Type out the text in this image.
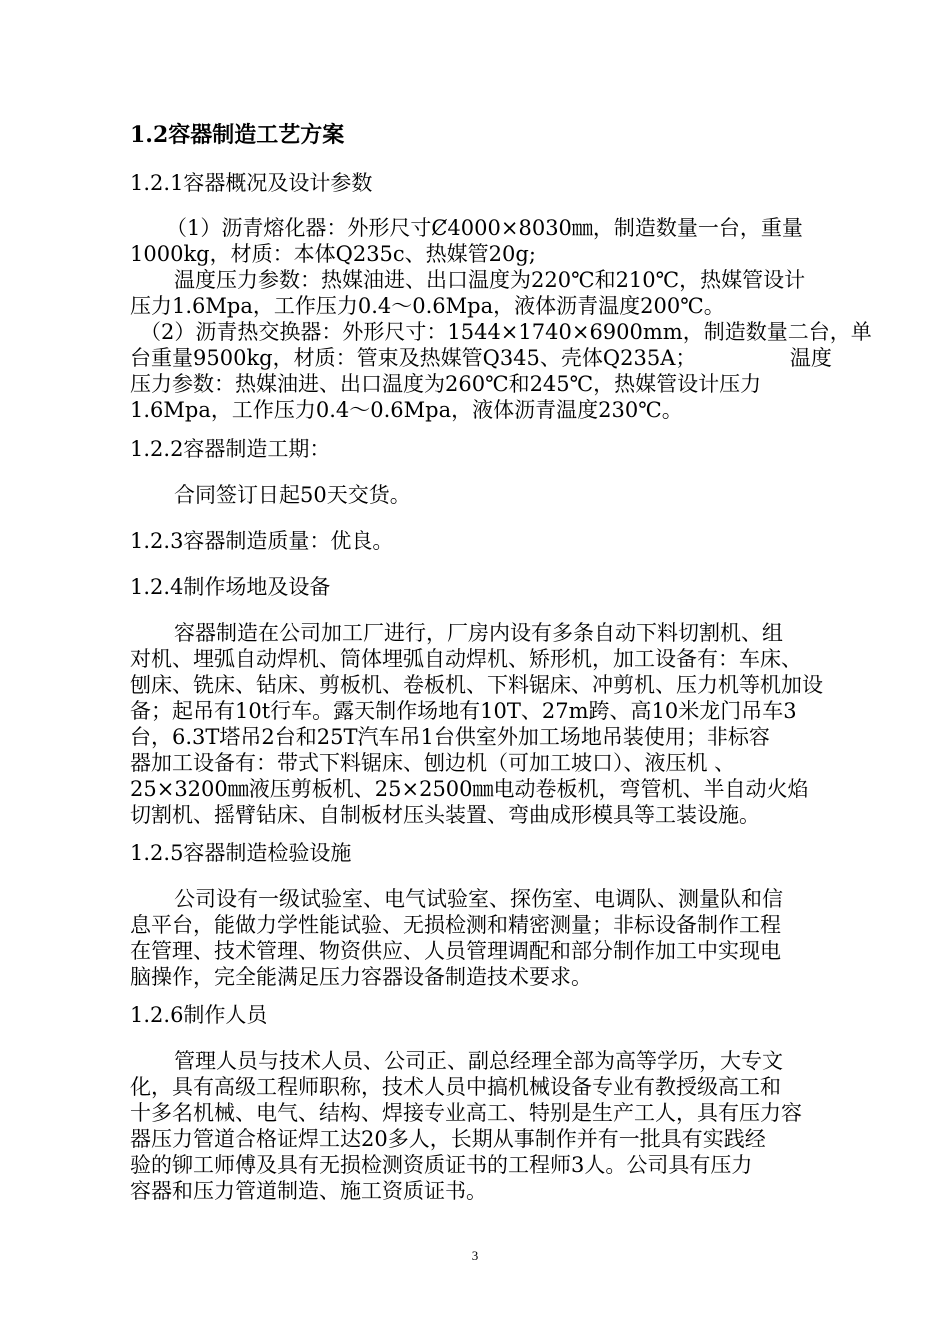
1.2容器制造工艺方案
1.2.1容器概况及设计参数
（1）沥青熔化器：外形尺寸Ȼ4000×8030㎜，制造数量一台，重量
1000kg，材质：本体Q235c、热媒管20g;
温度压力参数：热媒油进、出口温度为220℃和210℃，热媒管设计
压力1.6Mpa，工作压力0.4～0.6Mpa，液体沥青温度200℃。
（2）沥青热交换器：外形尺寸：1544×1740×6900mm，制造数量二台，单
台重量9500kg，材质：管束及热媒管Q345、壳体Q235A；              温度
压力参数：热媒油进、出口温度为260℃和245℃，热媒管设计压力
1.6Mpa，工作压力0.4～0.6Mpa，液体沥青温度230℃。
1.2.2容器制造工期：
合同签订日起50天交货。
1.2.3容器制造质量：优良。
1.2.4制作场地及设备
容器制造在公司加工厂进行，厂房内设有多条自动下料切割机、组
对机、埋弧自动焊机、筒体埋弧自动焊机、矫形机，加工设备有：车床、
刨床、铣床、钻床、剪板机、卷板机、下料锯床、冲剪机、压力机等机加设
备；起吊有10t行车。露天制作场地有10T、27m跨、高10米龙门吊车3
台，6.3T塔吊2台和25T汽车吊1台供室外加工场地吊装使用；非标容
器加工设备有：带式下料锯床、刨边机（可加工坡口）、液压机 、
25×3200㎜液压剪板机、25×2500㎜电动卷板机，弯管机、半自动火焰
切割机、摇臂钻床、自制板材压头装置、弯曲成形模具等工装设施。
1.2.5容器制造检验设施
公司设有一级试验室、电气试验室、探伤室、电调队、测量队和信
息平台，能做力学性能试验、无损检测和精密测量；非标设备制作工程
在管理、技术管理、物资供应、人员管理调配和部分制作加工中实现电
脑操作，完全能满足压力容器设备制造技术要求。
1.2.6制作人员
管理人员与技术人员、公司正、副总经理全部为高等学历，大专文
化，具有高级工程师职称，技术人员中搞机械设备专业有教授级高工和
十多名机械、电气、结构、焊接专业高工、特别是生产工人，具有压力容
器压力管道合格证焊工达20多人，长期从事制作并有一批具有实践经
验的铆工师傅及具有无损检测资质证书的工程师3人。公司具有压力
容器和压力管道制造、施工资质证书。
3
